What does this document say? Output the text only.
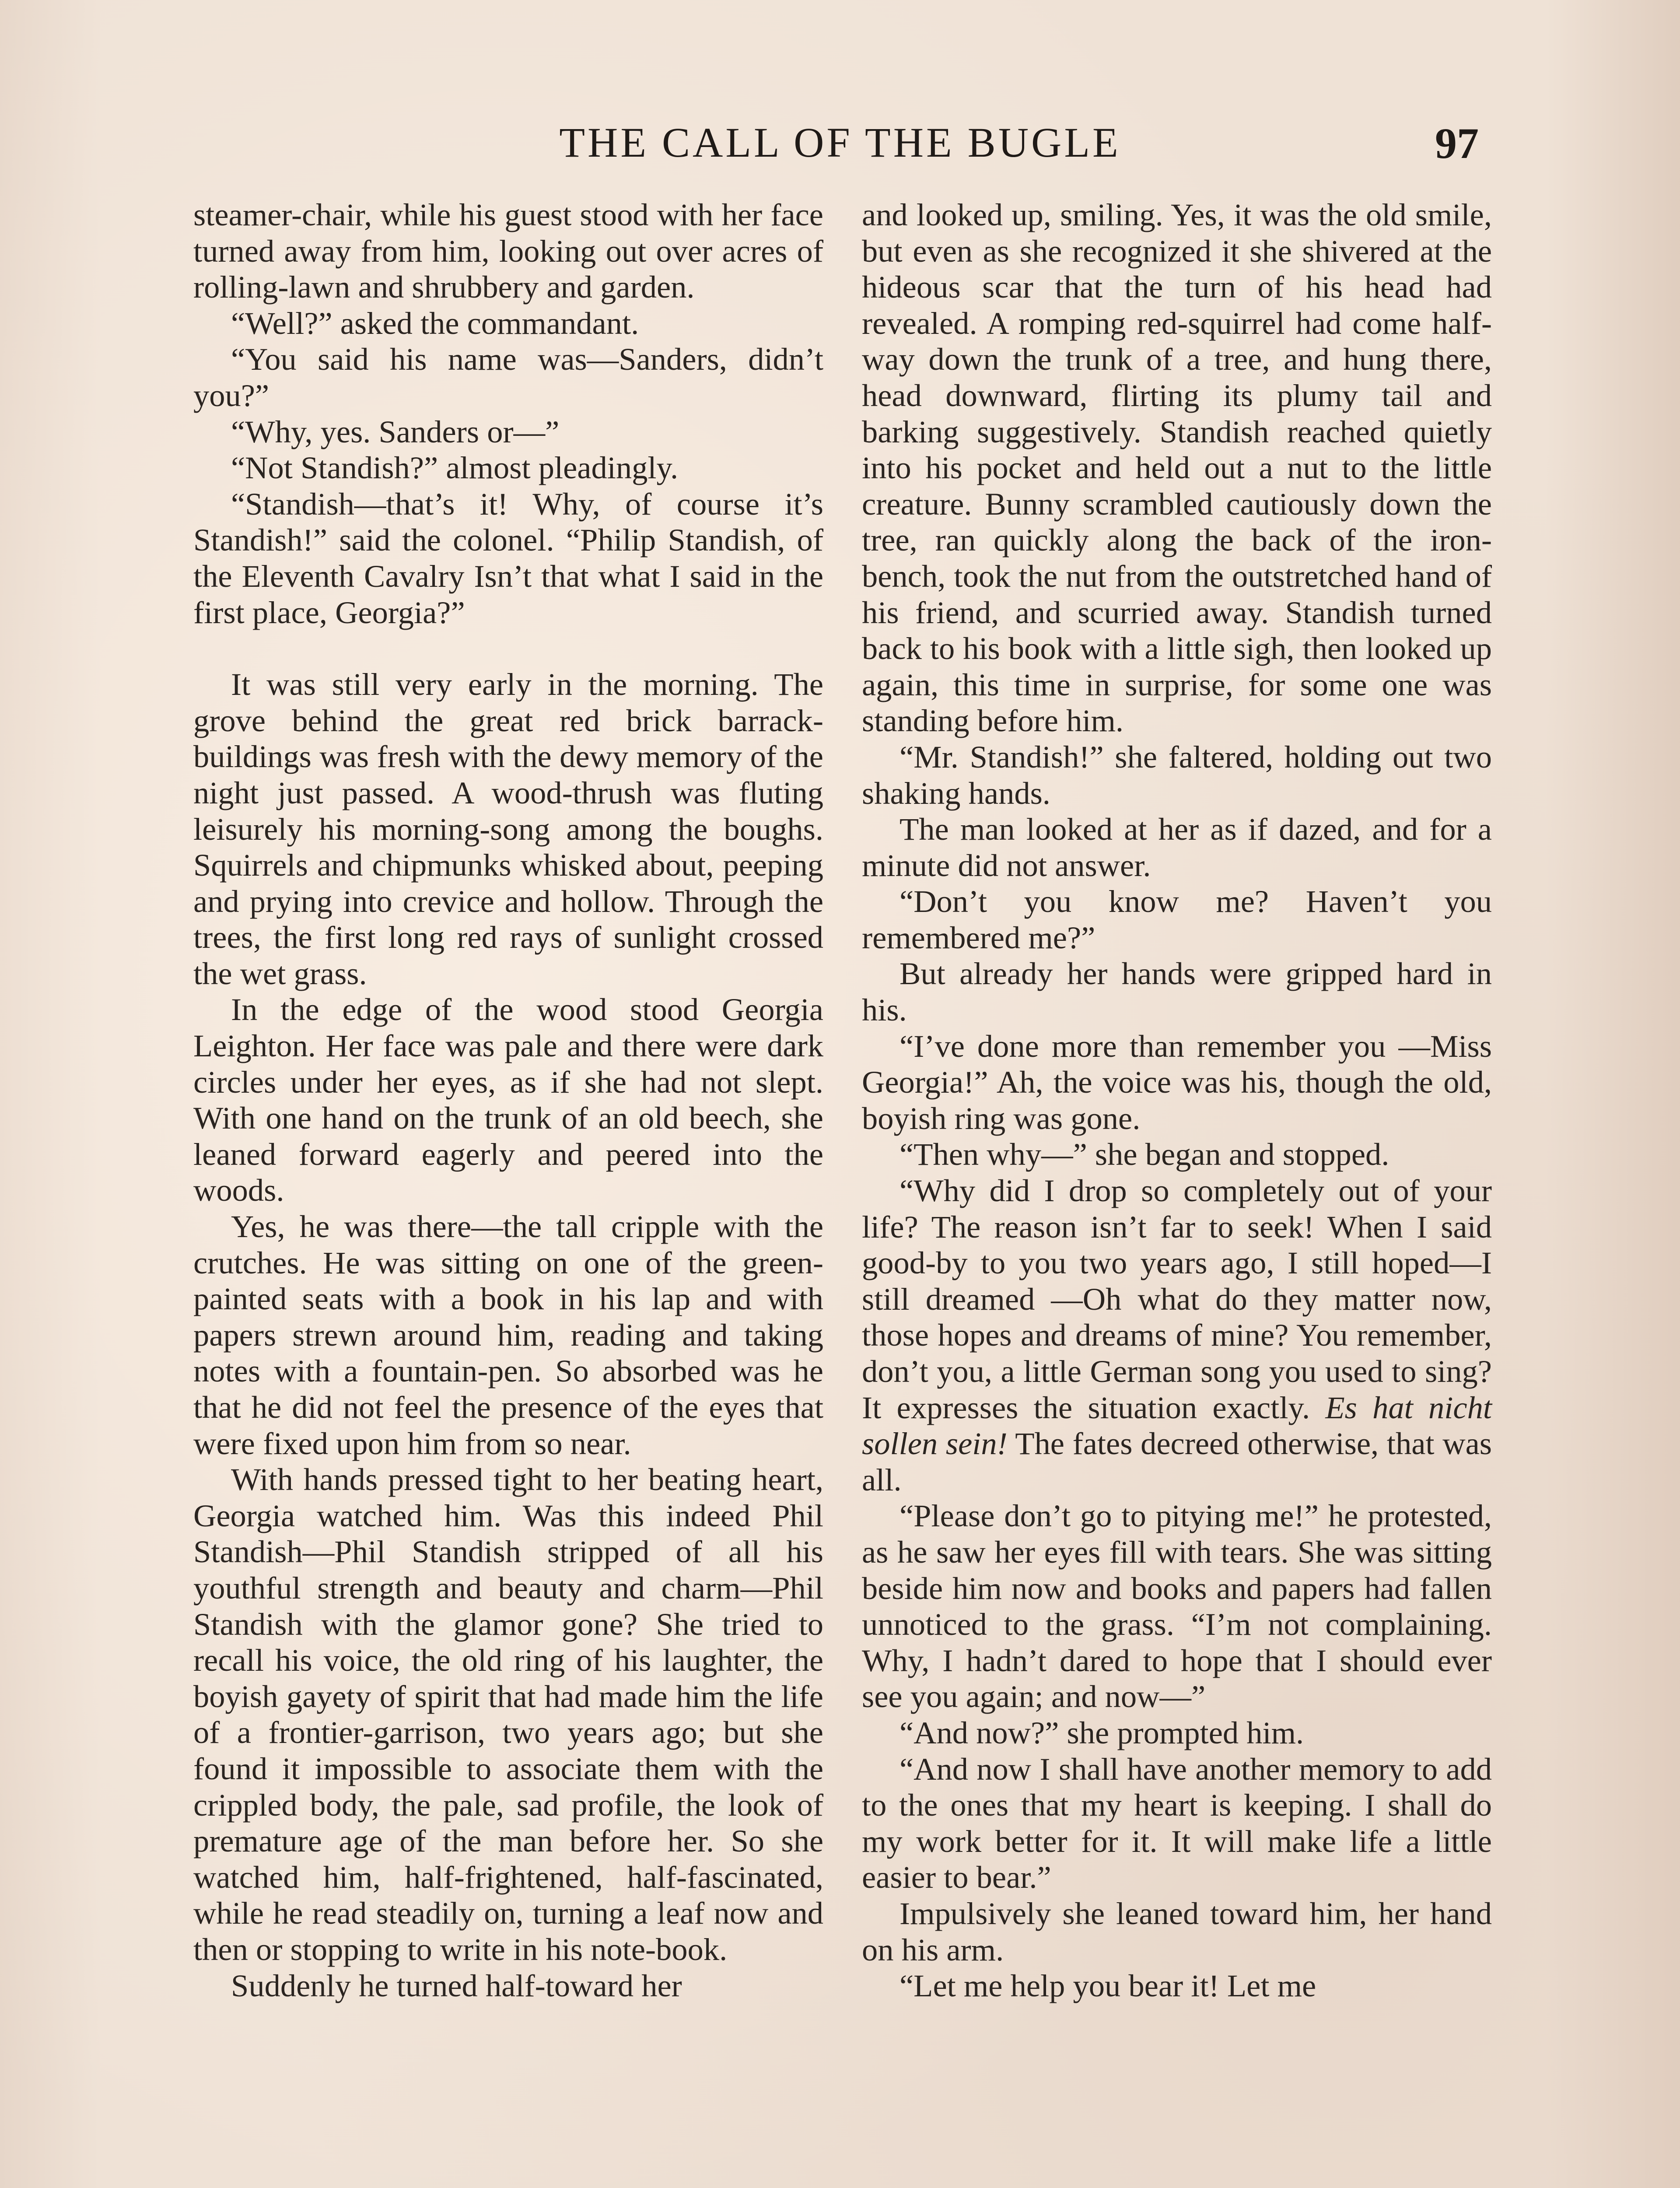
THE CALL OF THE BUGLE	97

steamer-chair, while his guest stood with her face turned away from him, looking out over acres of rolling-lawn and shrubbery and garden.

“Well?” asked the commandant.

“You said his name was—Sanders, didn’t you?”

“Why, yes. Sanders or—”

“Not Standish?” almost pleadingly.

“Standish—that’s it! Why, of course it’s Standish!” said the colonel. “Philip Standish, of the Eleventh Cavalry Isn’t that what I said in the first place, Georgia?”

It was still very early in the morning. The grove behind the great red brick barrack-buildings was fresh with the dewy memory of the night just passed. A wood-thrush was fluting leisurely his morning-song among the boughs. Squirrels and chipmunks whisked about, peeping and prying into crevice and hollow. Through the trees, the first long red rays of sunlight crossed the wet grass.

In the edge of the wood stood Georgia Leighton. Her face was pale and there were dark circles under her eyes, as if she had not slept. With one hand on the trunk of an old beech, she leaned forward eagerly and peered into the woods.

Yes, he was there—the tall cripple with the crutches. He was sitting on one of the green-painted seats with a book in his lap and with papers strewn around him, reading and taking notes with a fountain-pen. So absorbed was he that he did not feel the presence of the eyes that were fixed upon him from so near.

With hands pressed tight to her beating heart, Georgia watched him. Was this indeed Phil Standish—Phil Standish stripped of all his youthful strength and beauty and charm—Phil Standish with the glamor gone? She tried to recall his voice, the old ring of his laughter, the boyish gayety of spirit that had made him the life of a frontier-garrison, two years ago; but she found it impossible to associate them with the crippled body, the pale, sad profile, the look of premature age of the man before her. So she watched him, half-frightened, half-fascinated, while he read steadily on, turning a leaf now and then or stopping to write in his note-book.

Suddenly he turned half-toward her

and looked up, smiling. Yes, it was the old smile, but even as she recognized it she shivered at the hideous scar that the turn of his head had revealed. A romping red-squirrel had come half-way down the trunk of a tree, and hung there, head downward, flirting its plumy tail and barking suggestively. Standish reached quietly into his pocket and held out a nut to the little creature. Bunny scrambled cautiously down the tree, ran quickly along the back of the iron-bench, took the nut from the outstretched hand of his friend, and scurried away. Standish turned back to his book with a little sigh, then looked up again, this time in surprise, for some one was standing before him.

“Mr. Standish!” she faltered, holding out two shaking hands.

The man looked at her as if dazed, and for a minute did not answer.

“Don’t you know me? Haven’t you remembered me?”

But already her hands were gripped hard in his.

“I’ve done more than remember you —Miss Georgia!” Ah, the voice was his, though the old, boyish ring was gone.

“Then why—” she began and stopped.

“Why did I drop so completely out of your life? The reason isn’t far to seek! When I said good-by to you two years ago, I still hoped—I still dreamed —Oh what do they matter now, those hopes and dreams of mine? You remember, don’t you, a little German song you used to sing? It expresses the situation exactly. Es hat nicht sollen sein! The fates decreed otherwise, that was all.

“Please don’t go to pitying me!” he protested, as he saw her eyes fill with tears. She was sitting beside him now and books and papers had fallen unnoticed to the grass. “I’m not complaining. Why, I hadn’t dared to hope that I should ever see you again; and now—”

“And now?” she prompted him.

“And now I shall have another memory to add to the ones that my heart is keeping. I shall do my work better for it. It will make life a little easier to bear.”

Impulsively she leaned toward him, her hand on his arm.

“Let me help you bear it! Let me
